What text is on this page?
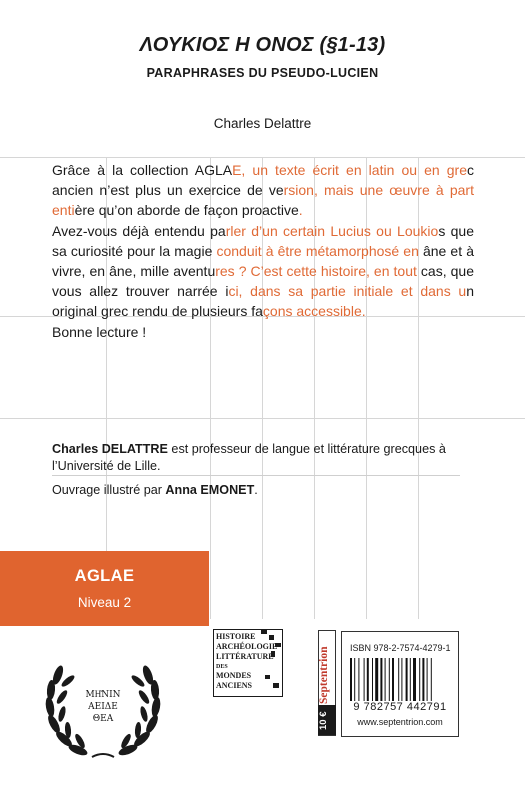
ΛΟΥΚΙΟΣ Η ΟΝΟΣ (§1-13)
PARAPHRASES DU PSEUDO-LUCIEN
Charles Delattre

Grâce à la collection AGLAE, un texte écrit en latin ou en grec ancien n’est plus un exercice de version, mais une œuvre à part entière qu’on aborde de façon proactive.

Avez-vous déjà entendu parler d’un certain Lucius ou Loukios que sa curiosité pour la magie conduit à être métamorphosé en âne et à vivre, en âne, mille aventures ? C’est cette histoire, en tout cas, que vous allez trouver narrée ici, dans sa partie initiale et dans un original grec rendu de plusieurs façons accessible.

Bonne lecture !

Charles DELATTRE est professeur de langue et littérature grecques à l’Université de Lille.
Ouvrage illustré par Anna EMONET.
AGLAE
Niveau 2
ΜΗ͂ΝΙΝ
ΑΕΙΔΕ
ΘΕΑ
HISTOIRE
ARCHÉOLOGIE
LITTÉRATURE
DES
MONDES
ANCIENS	Septentrion
10 €
ISBN 978-2-7574-4279-1
9 782757 442791
www.septentrion.com
